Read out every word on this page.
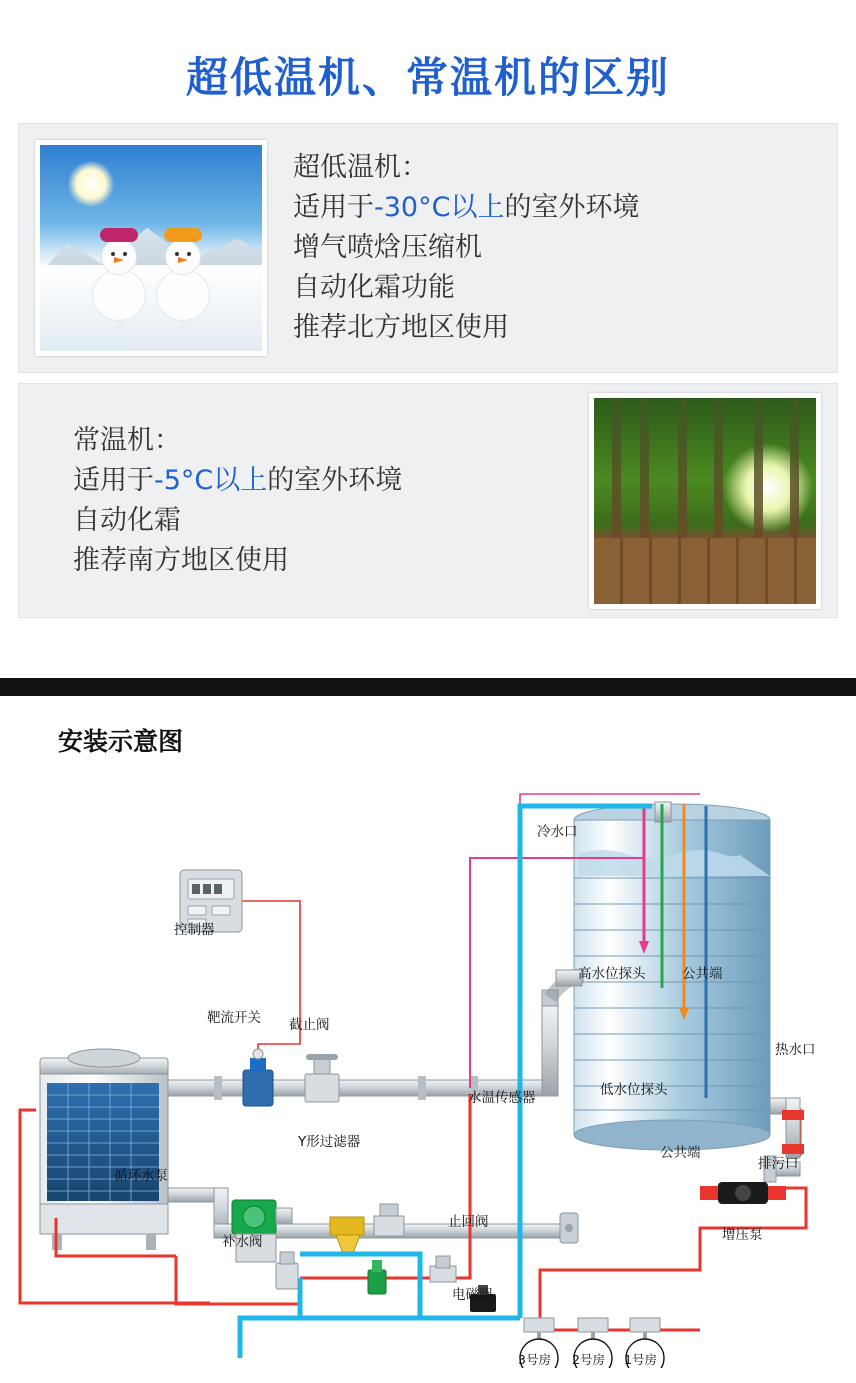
超低温机、常温机的区别
超低温机：
适用于-30°C以上的室外环境
增气喷焓压缩机
自动化霜功能
推荐北方地区使用
常温机：
适用于-5°C以上的室外环境
自动化霜
推荐南方地区使用
安装示意图
控制器
靶流开关 截止阀
冷水口
高水位探头	公共端
低水位探头
公共端
热水口
排污口
水温传感器
循环水泵
Y形过滤器
补水阀
止回阀
电磁阀
增压泵
3号房 2号房 1号房
